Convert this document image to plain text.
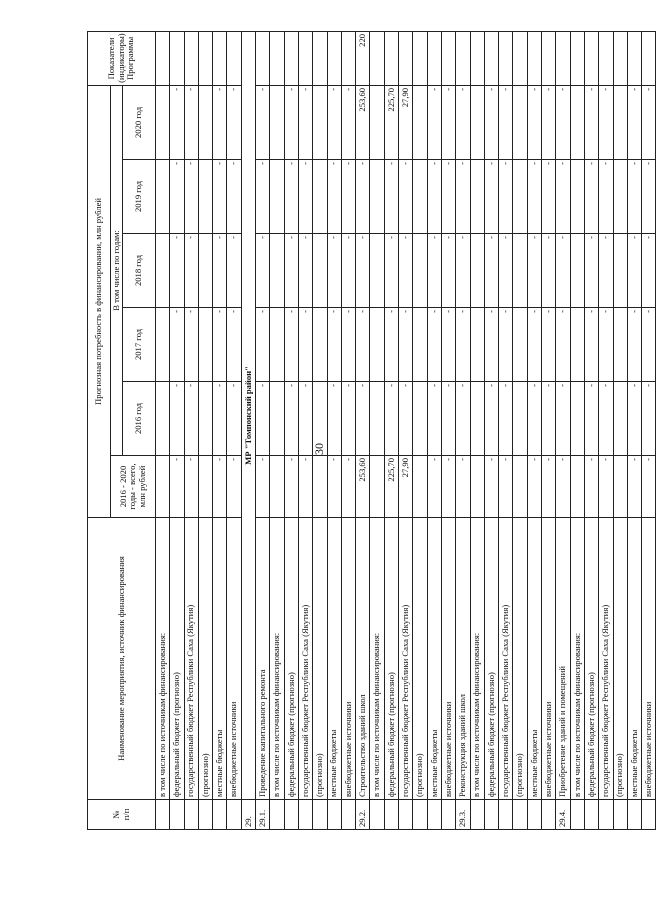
30
№
п/п	Наименование мероприятия, источник финансирования	Прогнозная потребность в финансировании, млн рублей						Показатели
(индикаторы)
Программы
		2016 - 2020
годы - всего,
млн рублей	В том числе по годам:					
			2016 год	2017 год	2018 год	2019 год	2020 год	
	в том числе по источникам финансирования:							
	федеральный бюджет (прогнозно)	-	-	-	-	-	-	
	государственный бюджет Республики Саха (Якутия)	-	-	-	-	-	-	
	(прогнозно)							
	местные бюджеты	-	-	-	-	-	-	
	внебюджетные источники	-	-	-	-	-	-	
29.	МР "Томпонский район"							
29.1.	Проведение капитального ремонта	-	-	-	-	-	-	
	в том числе по источникам финансирования:							
	федеральный бюджет (прогнозно)	-	-	-	-	-	-	
	государственный бюджет Республики Саха (Якутия)	-	-	-	-	-	-	
	(прогнозно)							
	местные бюджеты	-	-	-	-	-	-	
	внебюджетные источники	-	-	-	-	-	-	
29.2.	Строительство зданий школ	253,60	-	-	-	-	253,60	220
	в том числе по источникам финансирования:							
	федеральный бюджет (прогнозно)	225,70	-	-	-	-	225,70	
	государственный бюджет Республики Саха (Якутия)	27,90	-	-	-	-	27,90	
	(прогнозно)							
	местные бюджеты	-	-	-	-	-	-	
	внебюджетные источники	-	-	-	-	-	-	
29.3.	Реконструкция зданий школ	-	-	-	-	-	-	
	в том числе по источникам финансирования:							
	федеральный бюджет (прогнозно)	-	-	-	-	-	-	
	государственный бюджет Республики Саха (Якутия)	-	-	-	-	-	-	
	(прогнозно)							
	местные бюджеты	-	-	-	-	-	-	
	внебюджетные источники	-	-	-	-	-	-	
29.4.	Приобретение зданий и помещений	-	-	-	-	-	-	
	в том числе по источникам финансирования:							
	федеральный бюджет (прогнозно)	-	-	-	-	-	-	
	государственный бюджет Республики Саха (Якутия)	-	-	-	-	-	-	
	(прогнозно)							
	местные бюджеты	-	-	-	-	-	-	
	внебюджетные источники	-	-	-	-	-	-	
